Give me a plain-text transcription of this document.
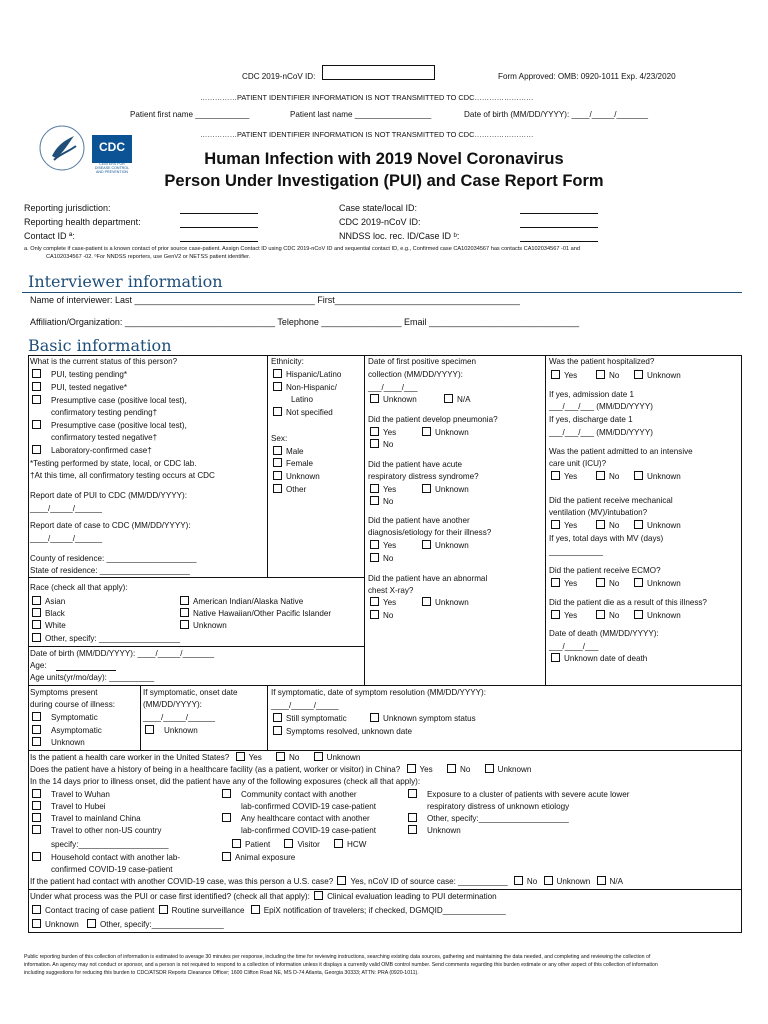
CDC 2019-nCoV ID:	Form Approved: OMB: 0920-1011 Exp. 4/23/2020
……………PATIENT IDENTIFIER INFORMATION IS NOT TRANSMITTED TO CDC……………………
Patient first name ____________	Patient last name _________________	Date of birth (MM/DD/YYYY): ____/_____/_______
……………PATIENT IDENTIFIER INFORMATION IS NOT TRANSMITTED TO CDC……………………
CDC
CENTERS FOR DISEASE CONTROL AND PREVENTION
Human Infection with 2019 Novel Coronavirus
Person Under Investigation (PUI) and Case Report Form
Reporting jurisdiction:
Reporting health department:
Contact ID ª:
Case state/local ID:
CDC 2019-nCoV ID:
NNDSS loc. rec. ID/Case ID ᵇ:
a. Only complete if case-patient is a known contact of prior source case-patient. Assign Contact ID using CDC 2019-nCoV ID and sequential contact ID, e.g., Confirmed case CA102034567 has contacts CA102034567 -01 and
CA102034567 -02. ᵇFor NNDSS reporters, use GenV2 or NETSS patient identifier.
Interviewer information
Name of interviewer: Last ____________________________________ First_____________________________________
Affiliation/Organization: ______________________________ Telephone ________________ Email ______________________________
Basic information
What is the current status of this person?
PUI, testing pending*
PUI, tested negative*
Presumptive case (positive local test),
confirmatory testing pending†
Presumptive case (positive local test),
confirmatory tested negative†
Laboratory-confirmed case†
*Testing performed by state, local, or CDC lab.
†At this time, all confirmatory testing occurs at CDC
Report date of PUI to CDC (MM/DD/YYYY):
____/_____/______
Report date of case to CDC (MM/DD/YYYY):
____/_____/______
County of residence: ____________________
State of residence: ____________________
Ethnicity:
Hispanic/Latino
Non-Hispanic/
Latino
Not specified
Sex:
Male
Female
Unknown
Other
Race (check all that apply):
Asian
Black
White
Other, specify: __________________
American Indian/Alaska Native
Native Hawaiian/Other Pacific Islander
Unknown
Date of birth (MM/DD/YYYY): ____/_____/_______
Age:
Age units(yr/mo/day): __________
Date of first positive specimen
collection (MM/DD/YYYY):
___/____/___
Unknown	N/A
Did the patient develop pneumonia?
Yes	Unknown
No
Did the patient have acute
respiratory distress syndrome?
Yes	Unknown
No
Did the patient have another
diagnosis/etiology for their illness?
Yes	Unknown
No
Did the patient have an abnormal
chest X-ray?
Yes	Unknown
No
Was the patient hospitalized?
Yes	No	Unknown
If yes, admission date 1
___/___/___ (MM/DD/YYYY)
If yes, discharge date 1
___/___/___ (MM/DD/YYYY)
Was the patient admitted to an intensive
care unit (ICU)?
Yes	No	Unknown
Did the patient receive mechanical
ventilation (MV)/intubation?
Yes	No	Unknown
If yes, total days with MV (days)
____________
Did the patient receive ECMO?
Yes	No	Unknown
Did the patient die as a result of this illness?
Yes	No	Unknown
Date of death (MM/DD/YYYY):
___/____/___
Unknown date of death
Symptoms present
during course of illness:
Symptomatic
Asymptomatic
Unknown
If symptomatic, onset date
(MM/DD/YYYY):
____/_____/______
Unknown
If symptomatic, date of symptom resolution (MM/DD/YYYY):
____/_____/_____
Still symptomatic	Unknown symptom status
Symptoms resolved, unknown date
Is the patient a health care worker in the United States? Yes	No	Unknown
Does the patient have a history of being in a healthcare facility (as a patient, worker or visitor) in China? Yes	No	Unknown
In the 14 days prior to illness onset, did the patient have any of the following exposures (check all that apply):
Travel to Wuhan
Travel to Hubei
Travel to mainland China
Travel to other non-US country
specify:____________________
Household contact with another lab-
confirmed COVID-19 case-patient
Community contact with another
lab-confirmed COVID-19 case-patient
Any healthcare contact with another
lab-confirmed COVID-19 case-patient
Patient	Visitor	HCW
Animal exposure
Exposure to a cluster of patients with severe acute lower
respiratory distress of unknown etiology
Other, specify:____________________
Unknown
If the patient had contact with another COVID-19 case, was this person a U.S. case? Yes, nCoV ID of source case: ___________ No Unknown N/A
Under what process was the PUI or case first identified? (check all that apply): Clinical evaluation leading to PUI determination
Contact tracing of case patient Routine surveillance EpiX notification of travelers; if checked, DGMQID______________
Unknown	Other, specify:________________
Public reporting burden of this collection of information is estimated to average 30 minutes per response, including the time for reviewing instructions, searching existing data sources, gathering and maintaining the data needed, and completing and reviewing the collection of
information. An agency may not conduct or sponsor, and a person is not required to respond to a collection of information unless it displays a currently valid OMB control number. Send comments regarding this burden estimate or any other aspect of this collection of information
including suggestions for reducing this burden to CDC/ATSDR Reports Clearance Officer; 1600 Clifton Road NE, MS D-74 Atlanta, Georgia 30333; ATTN: PRA (0920-1011).
